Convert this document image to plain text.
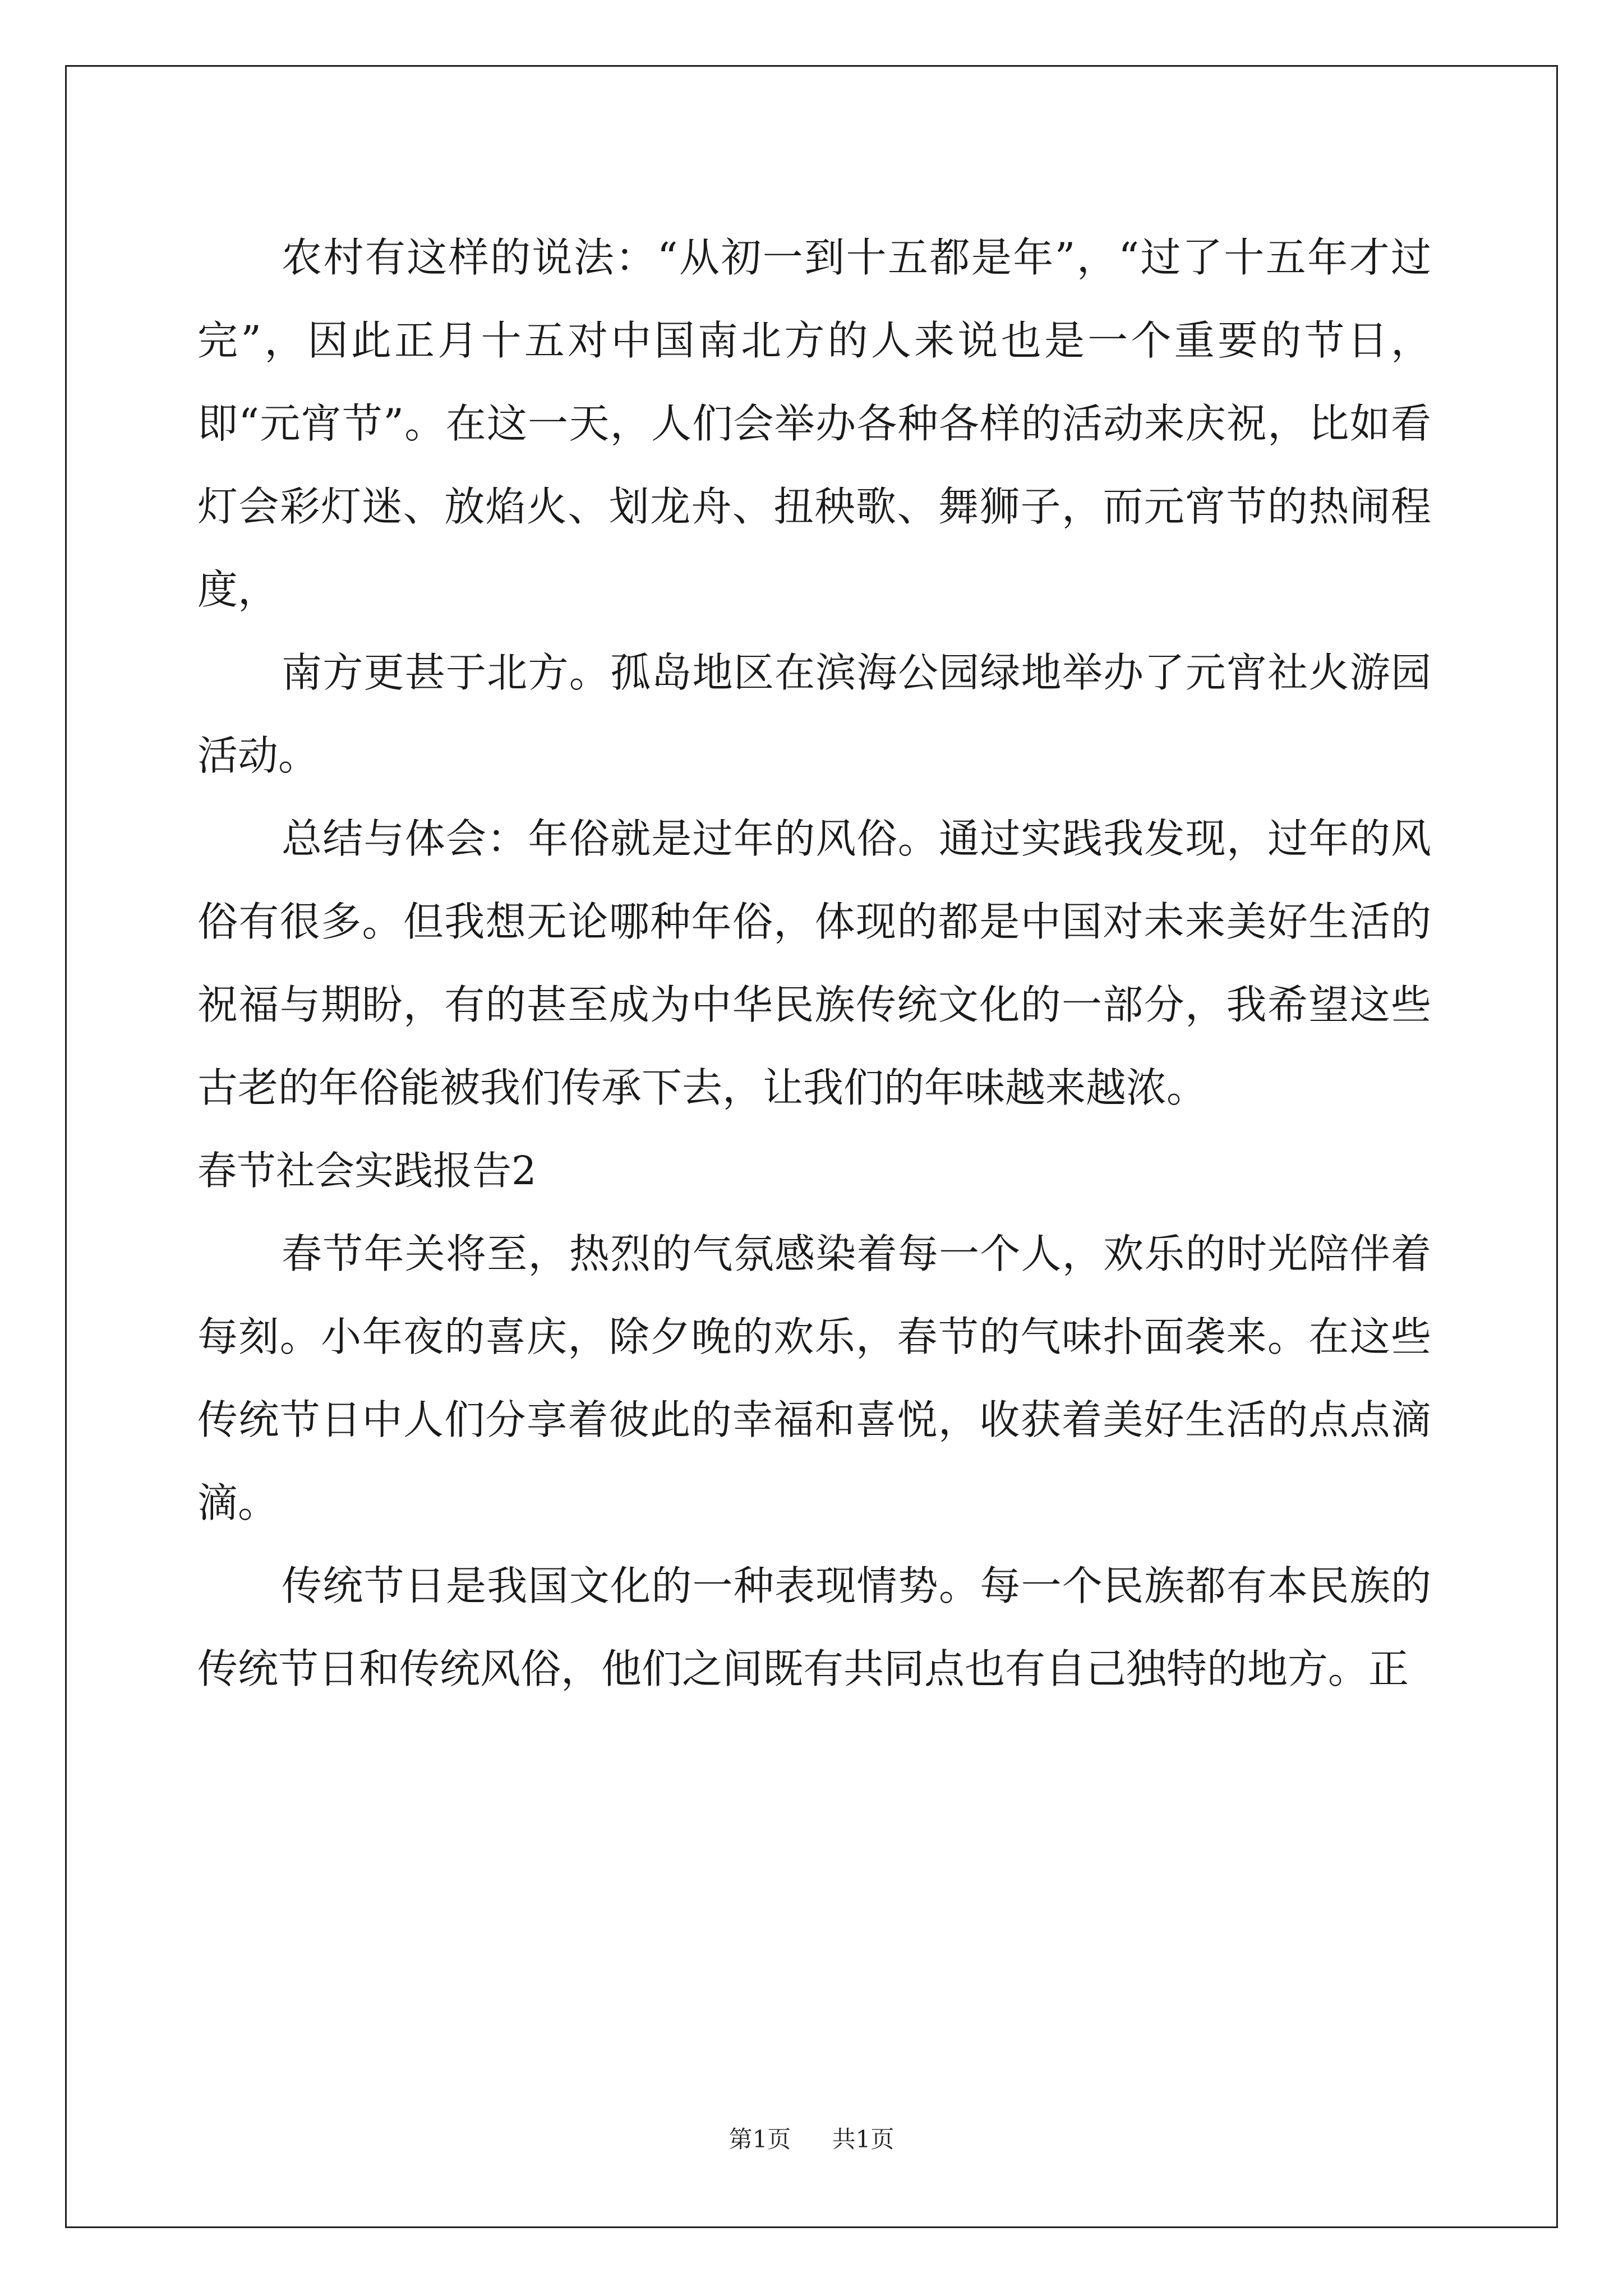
农村有这样的说法：“从初一到十五都是年”，“过了十五年才过完”，因此正月十五对中国南北方的人来说也是一个重要的节日，即“元宵节”。在这一天，人们会举办各种各样的活动来庆祝，比如看灯会彩灯迷、放焰火、划龙舟、扭秧歌、舞狮子，而元宵节的热闹程度，

南方更甚于北方。孤岛地区在滨海公园绿地举办了元宵社火游园活动。

总结与体会：年俗就是过年的风俗。通过实践我发现，过年的风俗有很多。但我想无论哪种年俗，体现的都是中国对未来美好生活的祝福与期盼，有的甚至成为中华民族传统文化的一部分，我希望这些古老的年俗能被我们传承下去，让我们的年味越来越浓。

春节社会实践报告2

春节年关将至，热烈的气氛感染着每一个人，欢乐的时光陪伴着每刻。小年夜的喜庆，除夕晚的欢乐，春节的气味扑面袭来。在这些传统节日中人们分享着彼此的幸福和喜悦，收获着美好生活的点点滴滴。

传统节日是我国文化的一种表现情势。每一个民族都有本民族的传统节日和传统风俗，他们之间既有共同点也有自己独特的地方。正

第1页 共1页
